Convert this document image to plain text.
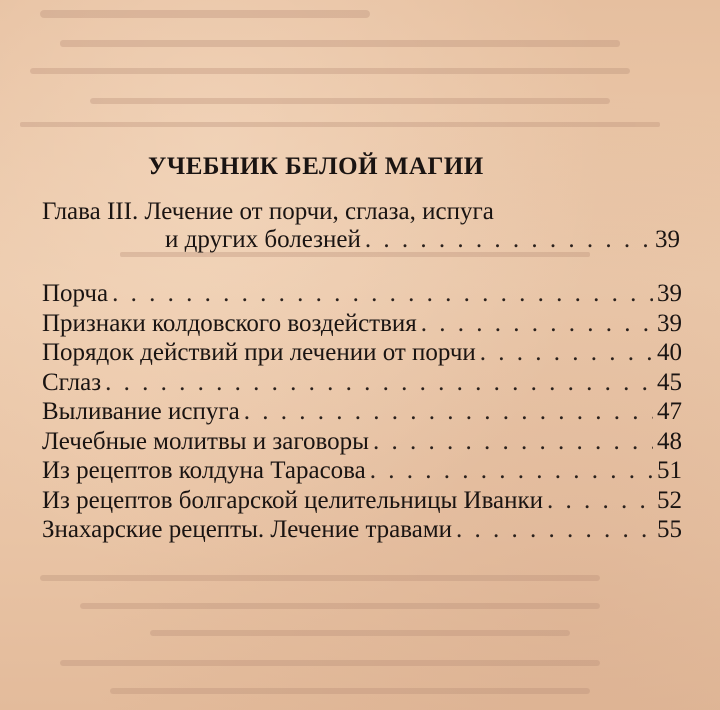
УЧЕБНИК БЕЛОЙ МАГИИ
Глава III. Лечение от порчи, сглаза, испуга
и других болезней . . .	39
Порча . . .	39
Признаки колдовского воздействия . . .	39
Порядок действий при лечении от порчи . . .	40
Сглаз . . .	45
Выливание испуга . . .	47
Лечебные молитвы и заговоры . . .	48
Из рецептов колдуна Тарасова . . .	51
Из рецептов болгарской целительницы Иванки . . .	52
Знахарские рецепты. Лечение травами . . .	55
